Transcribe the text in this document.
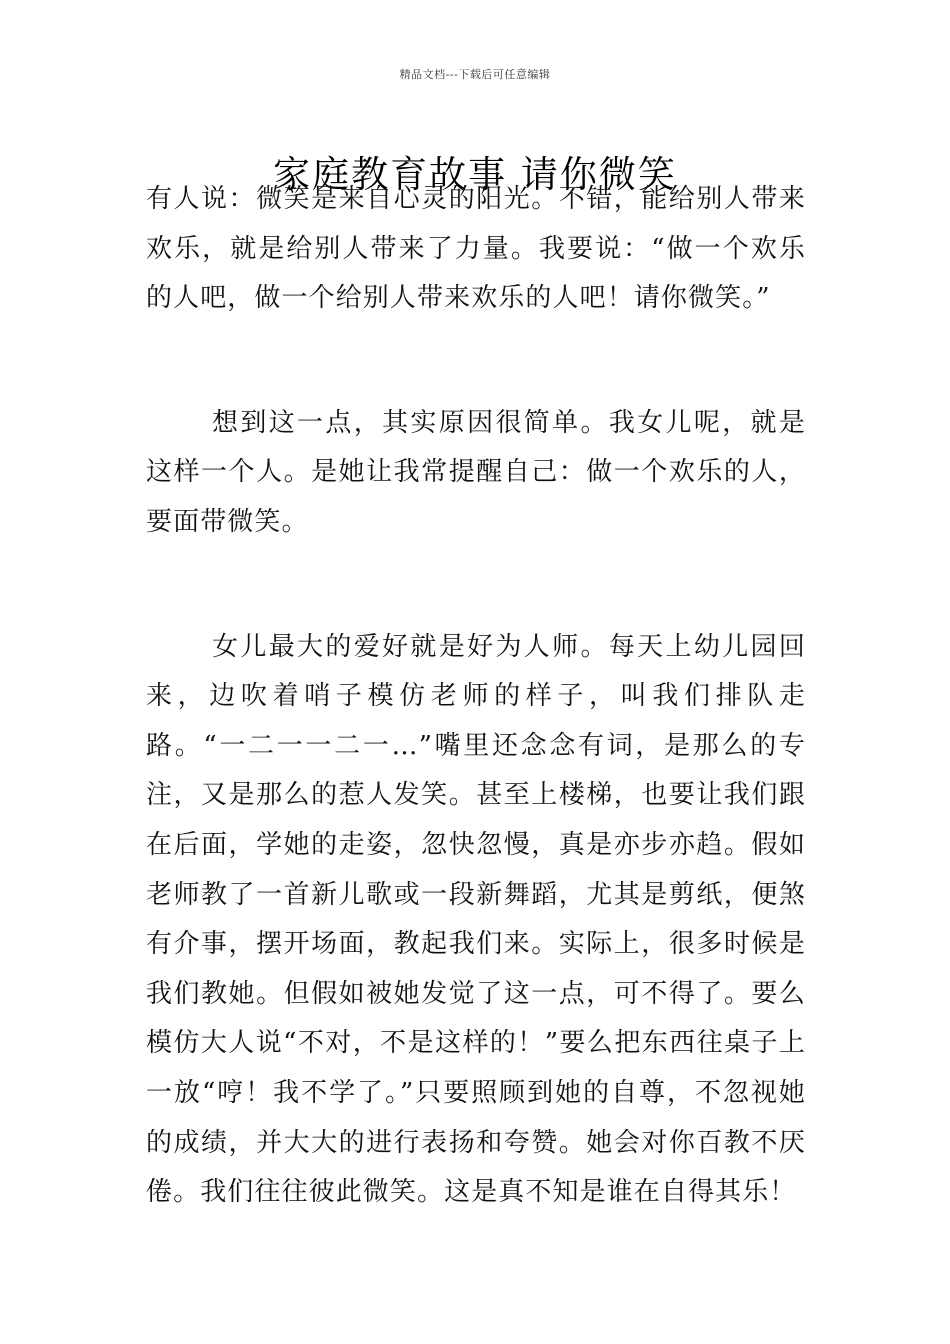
精品文档---下载后可任意编辑
家庭教育故事 请你微笑

有人说：微笑是来自心灵的阳光。不错，能给别人带来欢乐，就是给别人带来了力量。我要说：“做一个欢乐的人吧，做一个给别人带来欢乐的人吧！请你微笑。”

想到这一点，其实原因很简单。我女儿呢，就是这样一个人。是她让我常提醒自己：做一个欢乐的人，要面带微笑。

女儿最大的爱好就是好为人师。每天上幼儿园回来，边吹着哨子模仿老师的样子，叫我们排队走路。“一二一一二一…”嘴里还念念有词，是那么的专注，又是那么的惹人发笑。甚至上楼梯，也要让我们跟在后面，学她的走姿，忽快忽慢，真是亦步亦趋。假如老师教了一首新儿歌或一段新舞蹈，尤其是剪纸，便煞有介事，摆开场面，教起我们来。实际上，很多时候是我们教她。但假如被她发觉了这一点，可不得了。要么模仿大人说“不对，不是这样的！”要么把东西往桌子上一放“哼！我不学了。”只要照顾到她的自尊，不忽视她的成绩，并大大的进行表扬和夸赞。她会对你百教不厌倦。我们往往彼此微笑。这是真不知是谁在自得其乐！
